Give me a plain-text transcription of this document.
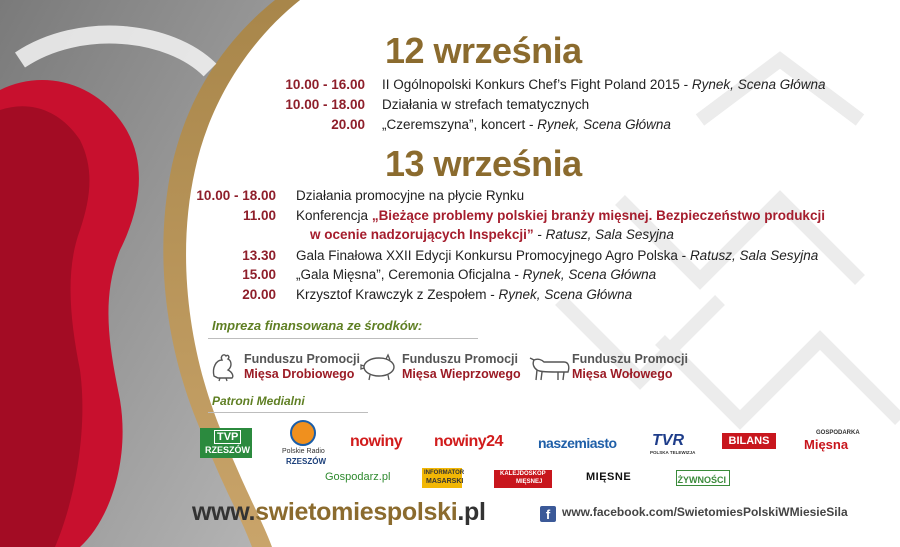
12 września
10.00 - 16.00 II Ogólnopolski Konkurs Chef’s Fight Poland 2015 - Rynek, Scena Główna
10.00 - 18.00 Działania w strefach tematycznych
20.00 „Czeremszyna”, koncert - Rynek, Scena Główna
13 września
10.00 - 18.00 Działania promocyjne na płycie Rynku
11.00 Konferencja „Bieżące problemy polskiej branży mięsnej. Bezpieczeństwo produkcji
w ocenie nadzorujących Inspekcji” - Ratusz, Sala Sesyjna
13.30 Gala Finałowa XXII Edycji Konkursu Promocyjnego Agro Polska - Ratusz, Sala Sesyjna
15.00 „Gala Mięsna”, Ceremonia Oficjalna - Rynek, Scena Główna
20.00 Krzysztof Krawczyk z Zespołem - Rynek, Scena Główna
Impreza finansowana ze środków:
Funduszu Promocji
Mięsa Drobiowego
Funduszu Promocji
Mięsa Wieprzowego
Funduszu Promocji
Mięsa Wołowego
Patroni Medialni
TVP
RZESZÓW	Polskie Radio
RZESZÓW
nowiny nowiny24	naszemiasto TVR
POLSKA TELEWIZJA
BILANS
GOSPODARKA
Mięsna
Gospodarz.pl	INFORMATOR
MASARSKI
KALEJDOSKOP
MIĘSNEJ	MIĘSNE	ŻYWNOŚCI
www.swietomiespolski.pl	f www.facebook.com/SwietomiesPolskiWMiesieSila
